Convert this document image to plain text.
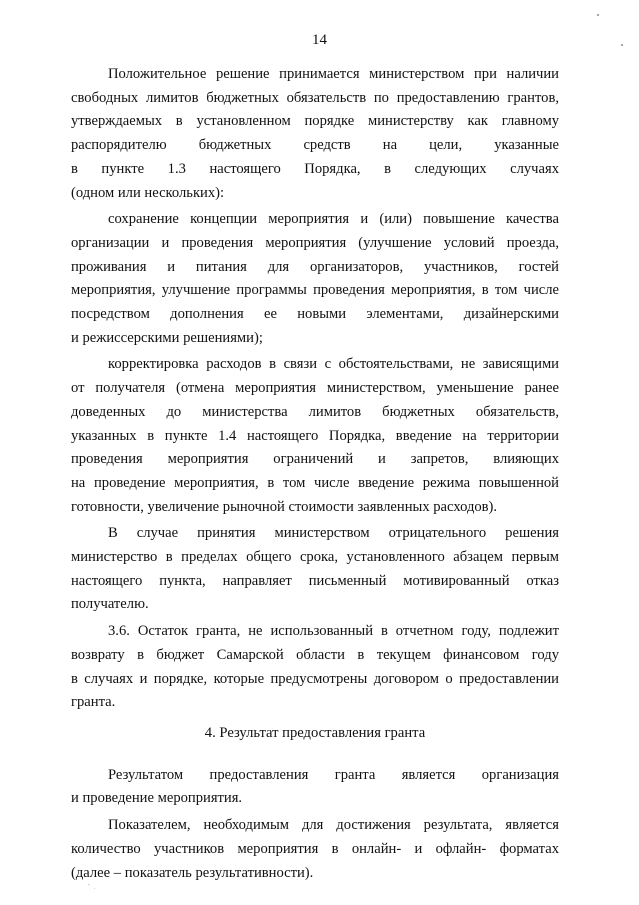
14
Положительное решение принимается министерством при наличии
свободных лимитов бюджетных обязательств по предоставлению грантов,
утверждаемых в установленном порядке министерству как главному
распорядителю бюджетных средств на цели, указанные
в пункте 1.3 настоящего Порядка, в следующих случаях
(одном или нескольких):
сохранение концепции мероприятия и (или) повышение качества
организации и проведения мероприятия (улучшение условий проезда,
проживания и питания для организаторов, участников, гостей
мероприятия, улучшение программы проведения мероприятия, в том числе
посредством дополнения ее новыми элементами, дизайнерскими
и режиссерскими решениями);
корректировка расходов в связи с обстоятельствами, не зависящими
от получателя (отмена мероприятия министерством, уменьшение ранее
доведенных до министерства лимитов бюджетных обязательств,
указанных в пункте 1.4 настоящего Порядка, введение на территории
проведения мероприятия ограничений и запретов, влияющих
на проведение мероприятия, в том числе введение режима повышенной
готовности, увеличение рыночной стоимости заявленных расходов).
В случае принятия министерством отрицательного решения
министерство в пределах общего срока, установленного абзацем первым
настоящего пункта, направляет письменный мотивированный отказ
получателю.
3.6. Остаток гранта, не использованный в отчетном году, подлежит
возврату в бюджет Самарской области в текущем финансовом году
в случаях и порядке, которые предусмотрены договором о предоставлении
гранта.
4. Результат предоставления гранта
Результатом предоставления гранта является организация
и проведение мероприятия.
Показателем, необходимым для достижения результата, является
количество участников мероприятия в онлайн- и офлайн- форматах
(далее – показатель результативности).
